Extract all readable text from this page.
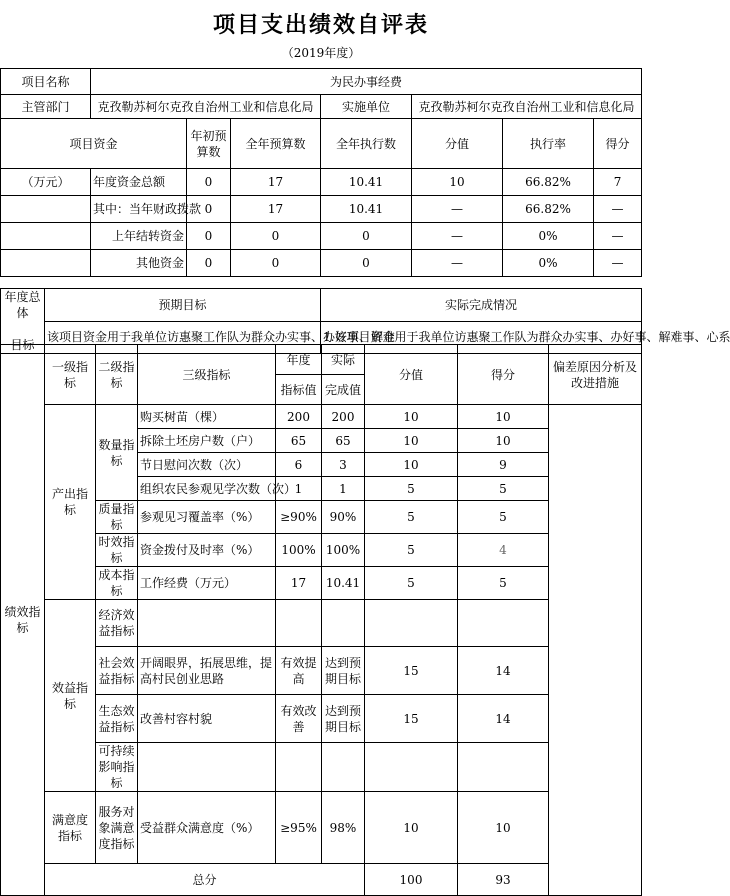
项目支出绩效自评表
（2019年度）
项目名称	为民办事经费						
主管部门	克孜勒苏柯尔克孜自治州工业和信息化局			实施单位	克孜勒苏柯尔克孜自治州工业和信息化局		
项目资金		年初预算数	全年预算数	全年执行数	分值	执行率	得分
（万元）	年度资金总额	0	17	10.41	10	66.82%	7
	其中：当年财政拨款	0	17	10.41	—	66.82%	—
	上年结转资金	0	0	0	—	0%	—
	其他资金	0	0	0	—	0%	—
年度总体

目标	预期目标	实际完成情况
	该项目资金用于我单位访惠聚工作队为群众办实事、办好事、解难	1.该项目资金用于我单位访惠聚工作队为群众办实事、办好事、解难事、心系
绩效指标	一级指标	二级指标	三级指标	年度	实际	分值	得分	偏差原因分析及改进措施
				指标值	完成值			
	产出指标	数量指标	购买树苗（棵）	200	200	10	10	
			拆除土坯房户数（户）	65	65	10	10	
			节日慰问次数（次）	6	3	10	9	
			组织农民参观见学次数（次）	1	1	5	5	
		质量指标	参观见习覆盖率（%）	≥90%	90%	5	5	
		时效指标	资金拨付及时率（%）	100%	100%	5	4	
		成本指标	工作经费（万元）	17	10.41	5	5	
	效益指标	经济效益指标						
		社会效益指标	开阔眼界，拓展思维，提高村民创业思路	有效提高	达到预期目标	15	14	
		生态效益指标	改善村容村貌	有效改善	达到预期目标	15	14	
		可持续影响指标						
	满意度指标	服务对象满意度指标	受益群众满意度（%）	≥95%	98%	10	10	
	总分					100	93	
